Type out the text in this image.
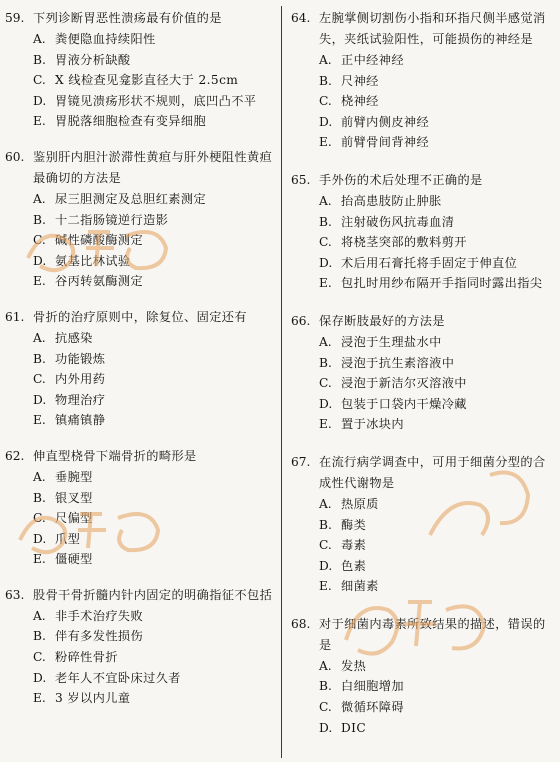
59. 下列诊断胃恶性溃疡最有价值的是
A. 粪便隐血持续阳性
B. 胃液分析缺酸
C. X 线检查见龛影直径大于 2.5cm
D. 胃镜见溃疡形状不规则，底凹凸不平
E. 胃脱落细胞检查有变异细胞
60. 鉴别肝内胆汁淤滞性黄疸与肝外梗阻性黄疸最确切的方法是
A. 尿三胆测定及总胆红素测定
B. 十二指肠镜逆行造影
C. 碱性磷酸酶测定
D. 氨基比林试验
E. 谷丙转氨酶测定
61. 骨折的治疗原则中，除复位、固定还有
A. 抗感染
B. 功能锻炼
C. 内外用药
D. 物理治疗
E. 镇痛镇静
62. 伸直型桡骨下端骨折的畸形是
A. 垂腕型
B. 银叉型
C. 尺偏型
D. 爪型
E. 僵硬型
63. 股骨干骨折髓内针内固定的明确指征不包括
A. 非手术治疗失败
B. 伴有多发性损伤
C. 粉碎性骨折
D. 老年人不宜卧床过久者
E. 3 岁以内儿童
64. 左腕掌侧切割伤小指和环指尺侧半感觉消失，夹纸试验阳性，可能损伤的神经是
A. 正中经神经
B. 尺神经
C. 桡神经
D. 前臂内侧皮神经
E. 前臂骨间背神经
65. 手外伤的术后处理不正确的是
A. 抬高患肢防止肿胀
B. 注射破伤风抗毒血清
C. 将桡茎突部的敷料剪开
D. 术后用石膏托将手固定于伸直位
E. 包扎时用纱布隔开手指同时露出指尖
66. 保存断肢最好的方法是
A. 浸泡于生理盐水中
B. 浸泡于抗生素溶液中
C. 浸泡于新洁尔灭溶液中
D. 包装于口袋内干燥冷藏
E. 置于冰块内
67. 在流行病学调查中，可用于细菌分型的合成性代谢物是
A. 热原质
B. 酶类
C. 毒素
D. 色素
E. 细菌素
68. 对于细菌内毒素所致结果的描述，错误的是
A. 发热
B. 白细胞增加
C. 微循环障碍
D. DIC
